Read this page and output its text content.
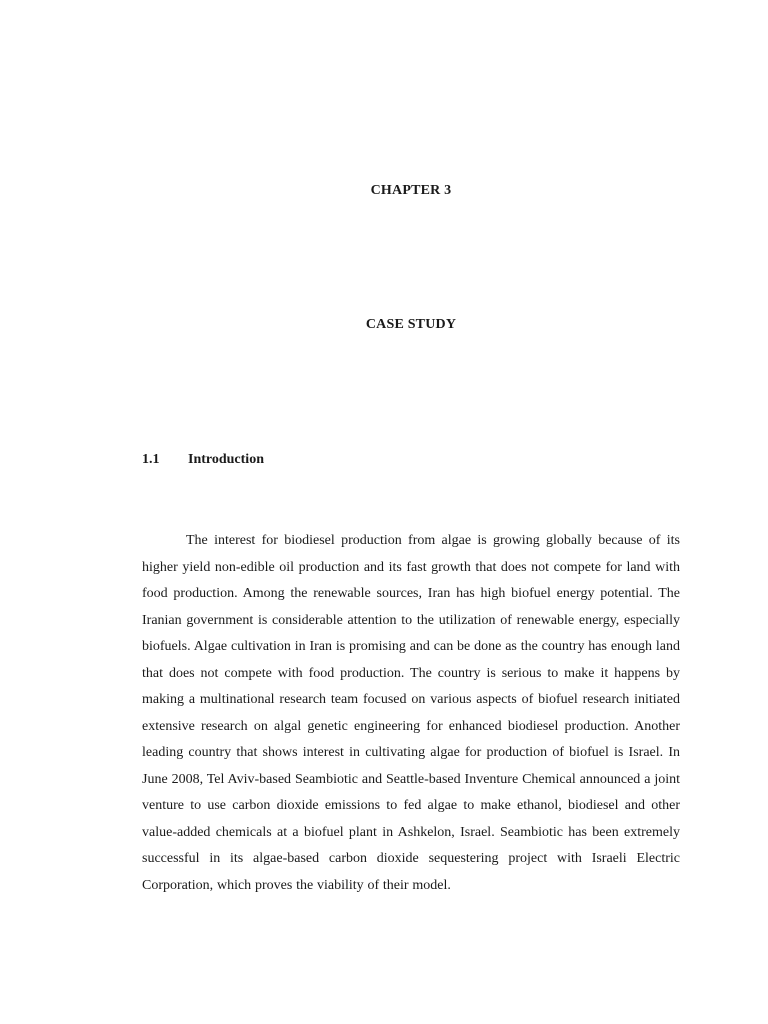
CHAPTER 3
CASE STUDY
1.1 Introduction

The interest for biodiesel production from algae is growing globally because of its higher yield non-edible oil production and its fast growth that does not compete for land with food production. Among the renewable sources, Iran has high biofuel energy potential. The Iranian government is considerable attention to the utilization of renewable energy, especially biofuels. Algae cultivation in Iran is promising and can be done as the country has enough land that does not compete with food production. The country is serious to make it happens by making a multinational research team focused on various aspects of biofuel research initiated extensive research on algal genetic engineering for enhanced biodiesel production. Another leading country that shows interest in cultivating algae for production of biofuel is Israel. In June 2008, Tel Aviv-based Seambiotic and Seattle-based Inventure Chemical announced a joint venture to use carbon dioxide emissions to fed algae to make ethanol, biodiesel and other value-added chemicals at a biofuel plant in Ashkelon, Israel. Seambiotic has been extremely successful in its algae-based carbon dioxide sequestering project with Israeli Electric Corporation, which proves the viability of their model.
